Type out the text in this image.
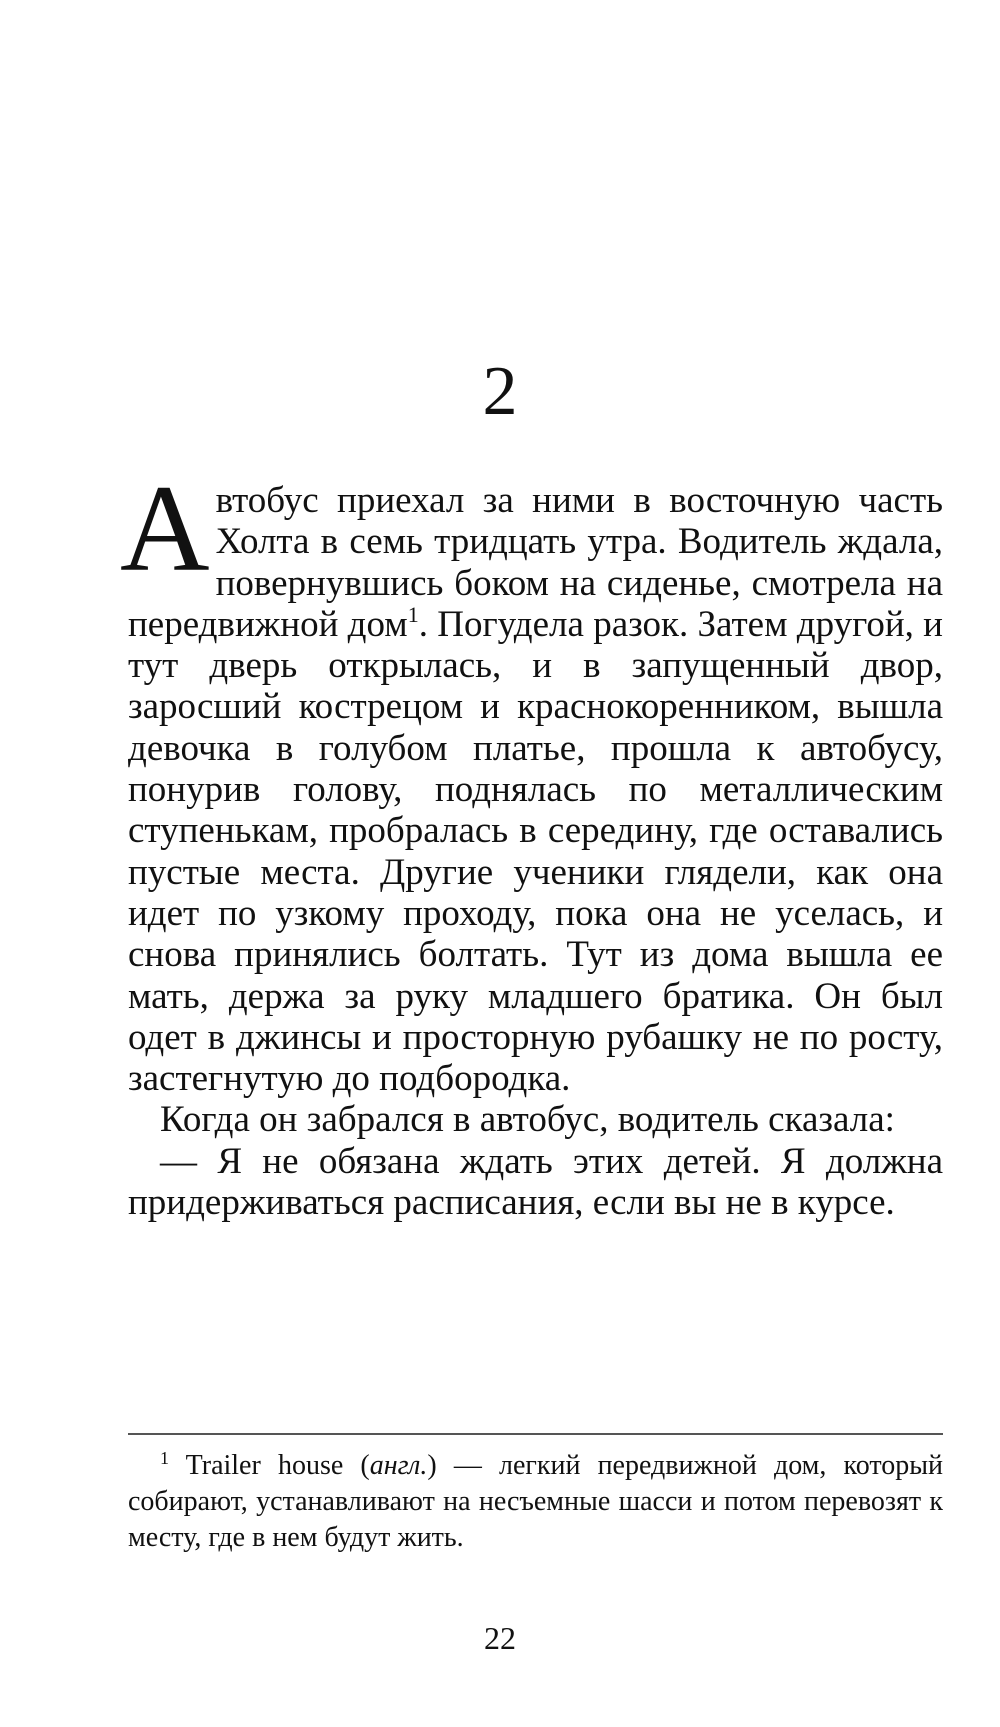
2

Автобус приехал за ними в восточную часть Холта в семь тридцать утра. Водитель ждала, повернувшись боком на сиденье, смотрела на передвижной дом$^1$. Погудела разок. Затем другой, и тут дверь открылась, и в запущенный двор, заросший кострецом и краснокоренником, вышла девочка в голубом платье, прошла к автобусу, понурив голову, поднялась по металлическим ступенькам, пробралась в середину, где оставались пустые места. Другие ученики глядели, как она идет по узкому проходу, пока она не уселась, и снова принялись болтать. Тут из дома вышла ее мать, держа за руку младшего братика. Он был одет в джинсы и просторную рубашку не по росту, застегнутую до подбородка.

Когда он забрался в автобус, водитель сказала:

— Я не обязана ждать этих детей. Я должна придерживаться расписания, если вы не в курсе.

$^1$ Trailer house (англ.) — легкий передвижной дом, который собирают, устанавливают на несъемные шасси и потом перевозят к месту, где в нем будут жить.

22
